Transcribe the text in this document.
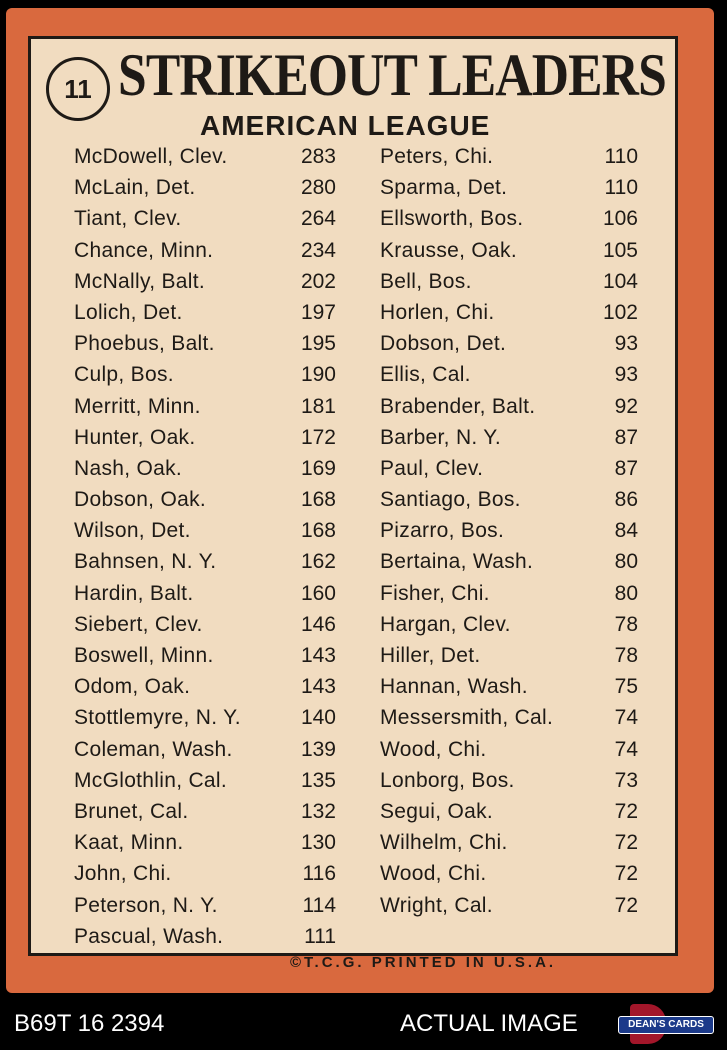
11 STRIKEOUT LEADERS
AMERICAN LEAGUE
McDowell, Clev.	283
McLain, Det.	280
Tiant, Clev.	264
Chance, Minn.	234
McNally, Balt.	202
Lolich, Det.	197
Phoebus, Balt.	195
Culp, Bos.	190
Merritt, Minn.	181
Hunter, Oak.	172
Nash, Oak.	169
Dobson, Oak.	168
Wilson, Det.	168
Bahnsen, N. Y.	162
Hardin, Balt.	160
Siebert, Clev.	146
Boswell, Minn.	143
Odom, Oak.	143
Stottlemyre, N. Y.	140
Coleman, Wash.	139
McGlothlin, Cal.	135
Brunet, Cal.	132
Kaat, Minn.	130
John, Chi.	116
Peterson, N. Y.	114
Pascual, Wash.	111
Peters, Chi.	110
Sparma, Det.	110
Ellsworth, Bos.	106
Krausse, Oak.	105
Bell, Bos.	104
Horlen, Chi.	102
Dobson, Det.	93
Ellis, Cal.	93
Brabender, Balt.	92
Barber, N. Y.	87
Paul, Clev.	87
Santiago, Bos.	86
Pizarro, Bos.	84
Bertaina, Wash.	80
Fisher, Chi.	80
Hargan, Clev.	78
Hiller, Det.	78
Hannan, Wash.	75
Messersmith, Cal.	74
Wood, Chi.	74
Lonborg, Bos.	73
Segui, Oak.	72
Wilhelm, Chi.	72
Wood, Chi.	72
Wright, Cal.	72
©T.C.G. PRINTED IN U.S.A.
B69T 16 2394	ACTUAL IMAGE	DEAN'S CARDS
